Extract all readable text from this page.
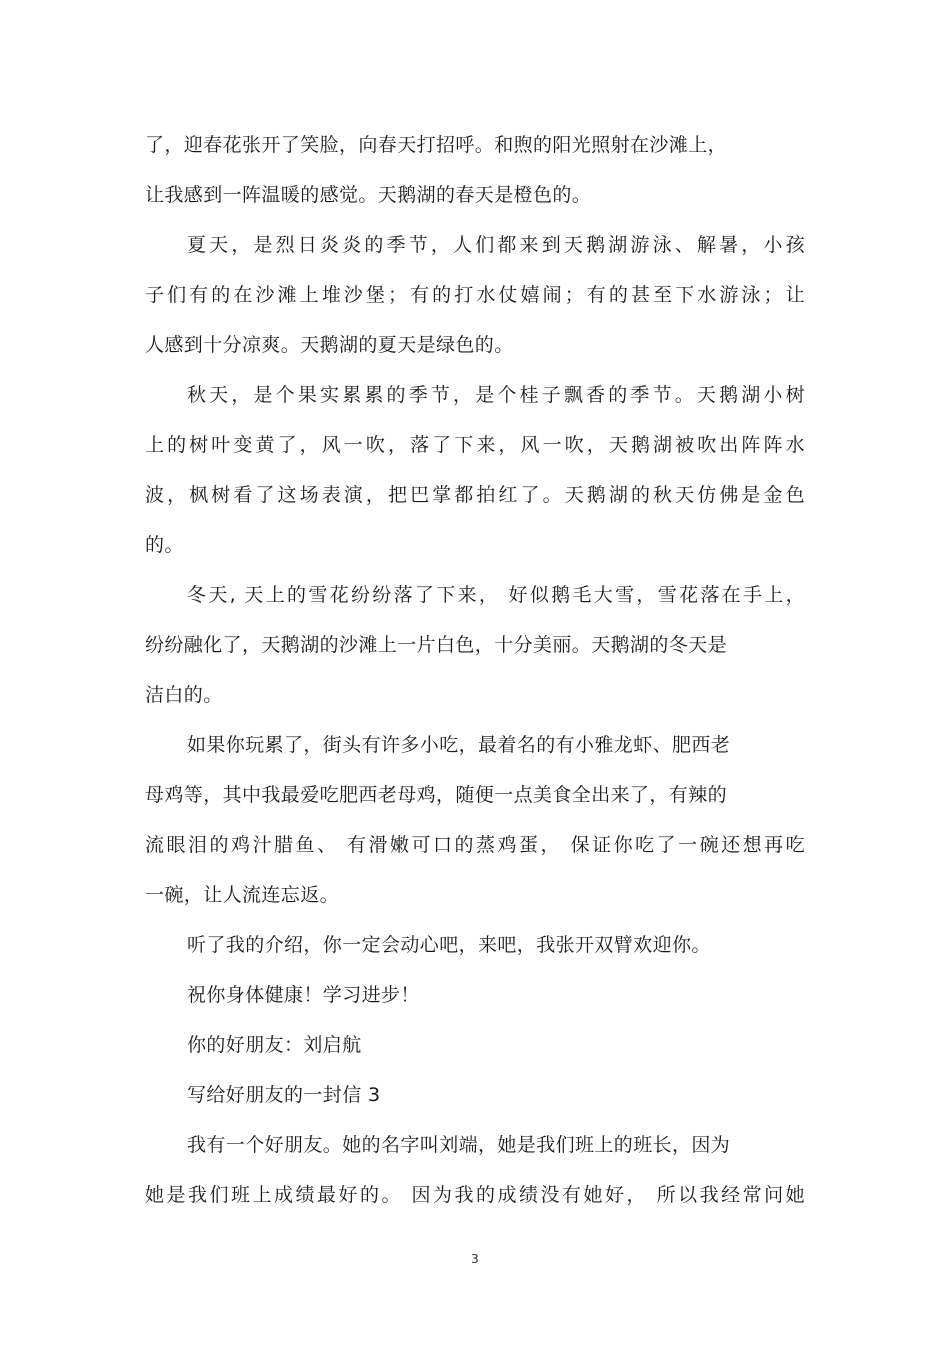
了，迎春花张开了笑脸，向春天打招呼。和煦的阳光照射在沙滩上，
让我感到一阵温暖的感觉。天鹅湖的春天是橙色的。
夏天，是烈日炎炎的季节，人们都来到天鹅湖游泳、解暑，小孩
子们有的在沙滩上堆沙堡；有的打水仗嬉闹；有的甚至下水游泳；让
人感到十分凉爽。天鹅湖的夏天是绿色的。
秋天，是个果实累累的季节，是个桂子飘香的季节。天鹅湖小树
上的树叶变黄了，风一吹，落了下来，风一吹，天鹅湖被吹出阵阵水
波，枫树看了这场表演，把巴掌都拍红了。天鹅湖的秋天仿佛是金色
的。
冬天, 天上的雪花纷纷落了下来， 好似鹅毛大雪，雪花落在手上，
纷纷融化了，天鹅湖的沙滩上一片白色，十分美丽。天鹅湖的冬天是
洁白的。
如果你玩累了，街头有许多小吃，最着名的有小雅龙虾、肥西老
母鸡等，其中我最爱吃肥西老母鸡，随便一点美食全出来了，有辣的
流眼泪的鸡汁腊鱼、 有滑嫩可口的蒸鸡蛋， 保证你吃了一碗还想再吃
一碗，让人流连忘返。
听了我的介绍，你一定会动心吧，来吧，我张开双臂欢迎你。
祝你身体健康！学习进步！
你的好朋友：刘启航
写给好朋友的一封信 3
我有一个好朋友。她的名字叫刘端，她是我们班上的班长，因为
她是我们班上成绩最好的。 因为我的成绩没有她好， 所以我经常问她
3
